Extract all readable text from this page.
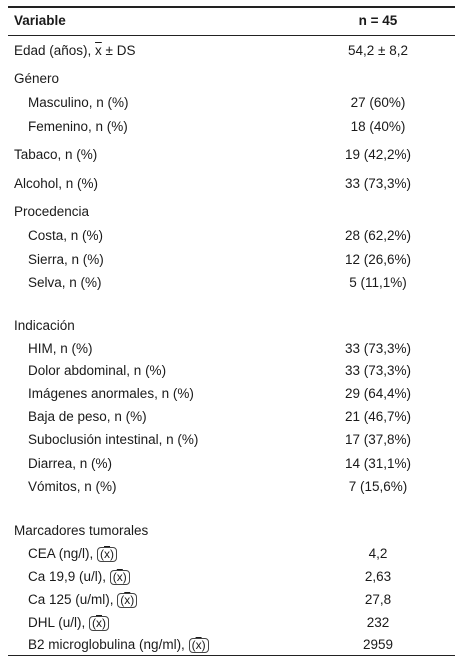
Variable	n = 45
Edad (años), $\overline{x}$ ± DS	54,2 ± 8,2
Género
Masculino, n (%)	27 (60%)
Femenino, n (%)	18 (40%)
Tabaco, n (%)	19 (42,2%)
Alcohol, n (%)	33 (73,3%)
Procedencia
Costa, n (%)	28 (62,2%)
Sierra, n (%)	12 (26,6%)
Selva, n (%)	5 (11,1%)
Indicación
HIM, n (%)	33 (73,3%)
Dolor abdominal, n (%)	33 (73,3%)
Imágenes anormales, n (%)	29 (64,4%)
Baja de peso, n (%)	21 (46,7%)
Suboclusión intestinal, n (%)	17 (37,8%)
Diarrea, n (%)	14 (31,1%)
Vómitos, n (%)	7 (15,6%)
Marcadores tumorales
CEA (ng/l), $(\overline{x})$	4,2
Ca 19,9 (u/l), $(\overline{x})$	2,63
Ca 125 (u/ml), $(\overline{x})$	27,8
DHL (u/l), $(\overline{x})$	232
B2 microglobulina (ng/ml), $(\overline{x})$	2959
